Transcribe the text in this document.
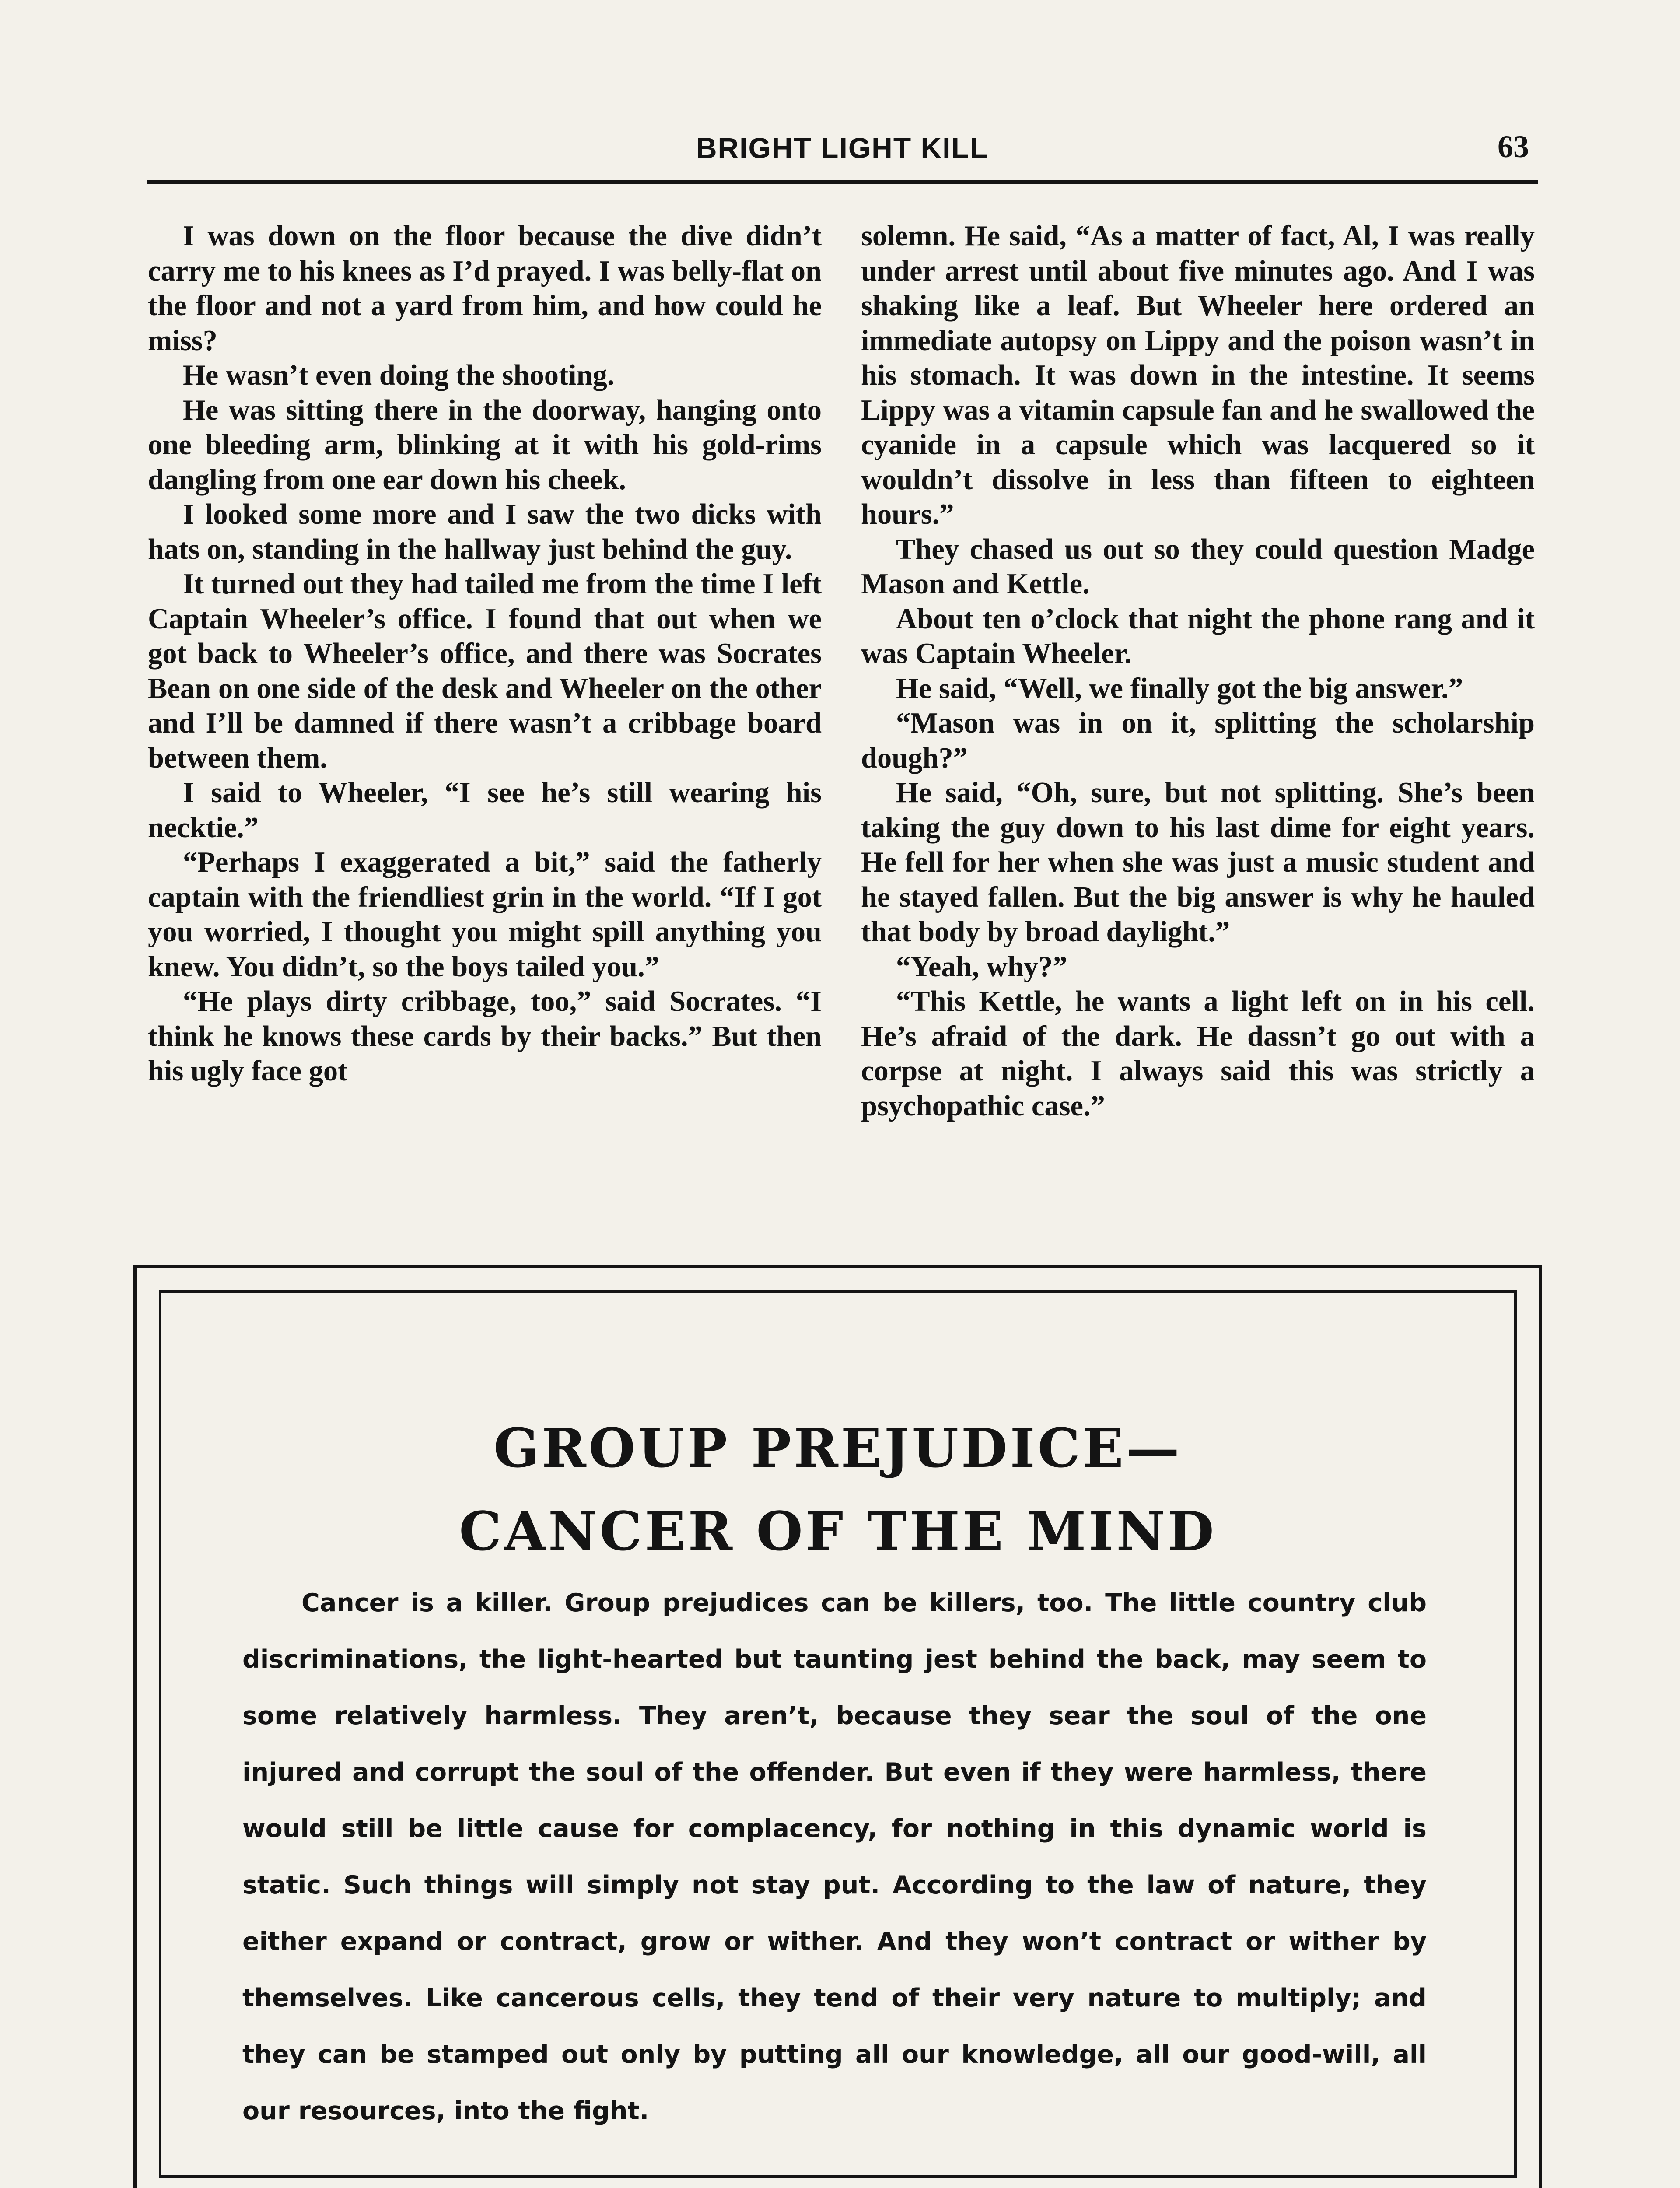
BRIGHT LIGHT KILL	63

I was down on the floor because the dive didn’t carry me to his knees as I’d prayed. I was belly-flat on the floor and not a yard from him, and how could he miss?

He wasn’t even doing the shooting.

He was sitting there in the doorway, hanging onto one bleeding arm, blinking at it with his gold-rims dangling from one ear down his cheek.

I looked some more and I saw the two dicks with hats on, standing in the hallway just behind the guy.

It turned out they had tailed me from the time I left Captain Wheeler’s office. I found that out when we got back to Wheeler’s office, and there was Socrates Bean on one side of the desk and Wheeler on the other and I’ll be damned if there wasn’t a cribbage board between them.

I said to Wheeler, “I see he’s still wearing his necktie.”

“Perhaps I exaggerated a bit,” said the fatherly captain with the friendliest grin in the world. “If I got you worried, I thought you might spill anything you knew. You didn’t, so the boys tailed you.”

“He plays dirty cribbage, too,” said Socrates. “I think he knows these cards by their backs.” But then his ugly face got

solemn. He said, “As a matter of fact, Al, I was really under arrest until about five minutes ago. And I was shaking like a leaf. But Wheeler here ordered an immediate autopsy on Lippy and the poison wasn’t in his stomach. It was down in the intestine. It seems Lippy was a vitamin capsule fan and he swallowed the cyanide in a capsule which was lacquered so it wouldn’t dissolve in less than fifteen to eighteen hours.”

They chased us out so they could question Madge Mason and Kettle.

About ten o’clock that night the phone rang and it was Captain Wheeler.

He said, “Well, we finally got the big answer.”

“Mason was in on it, splitting the scholarship dough?”

He said, “Oh, sure, but not splitting. She’s been taking the guy down to his last dime for eight years. He fell for her when she was just a music student and he stayed fallen. But the big answer is why he hauled that body by broad daylight.”

“Yeah, why?”

“This Kettle, he wants a light left on in his cell. He’s afraid of the dark. He dassn’t go out with a corpse at night. I always said this was strictly a psychopathic case.”

GROUP PREJUDICE—
CANCER OF THE MIND

Cancer is a killer. Group prejudices can be killers, too. The little country club discriminations, the light-hearted but taunting jest behind the back, may seem to some relatively harmless. They aren’t, because they sear the soul of the one injured and corrupt the soul of the offender. But even if they were harmless, there would still be little cause for complacency, for nothing in this dynamic world is static. Such things will simply not stay put. According to the law of nature, they either expand or contract, grow or wither. And they won’t contract or wither by themselves. Like cancerous cells, they tend of their very nature to multiply; and they can be stamped out only by putting all our knowledge, all our good-will, all our resources, into the fight.
